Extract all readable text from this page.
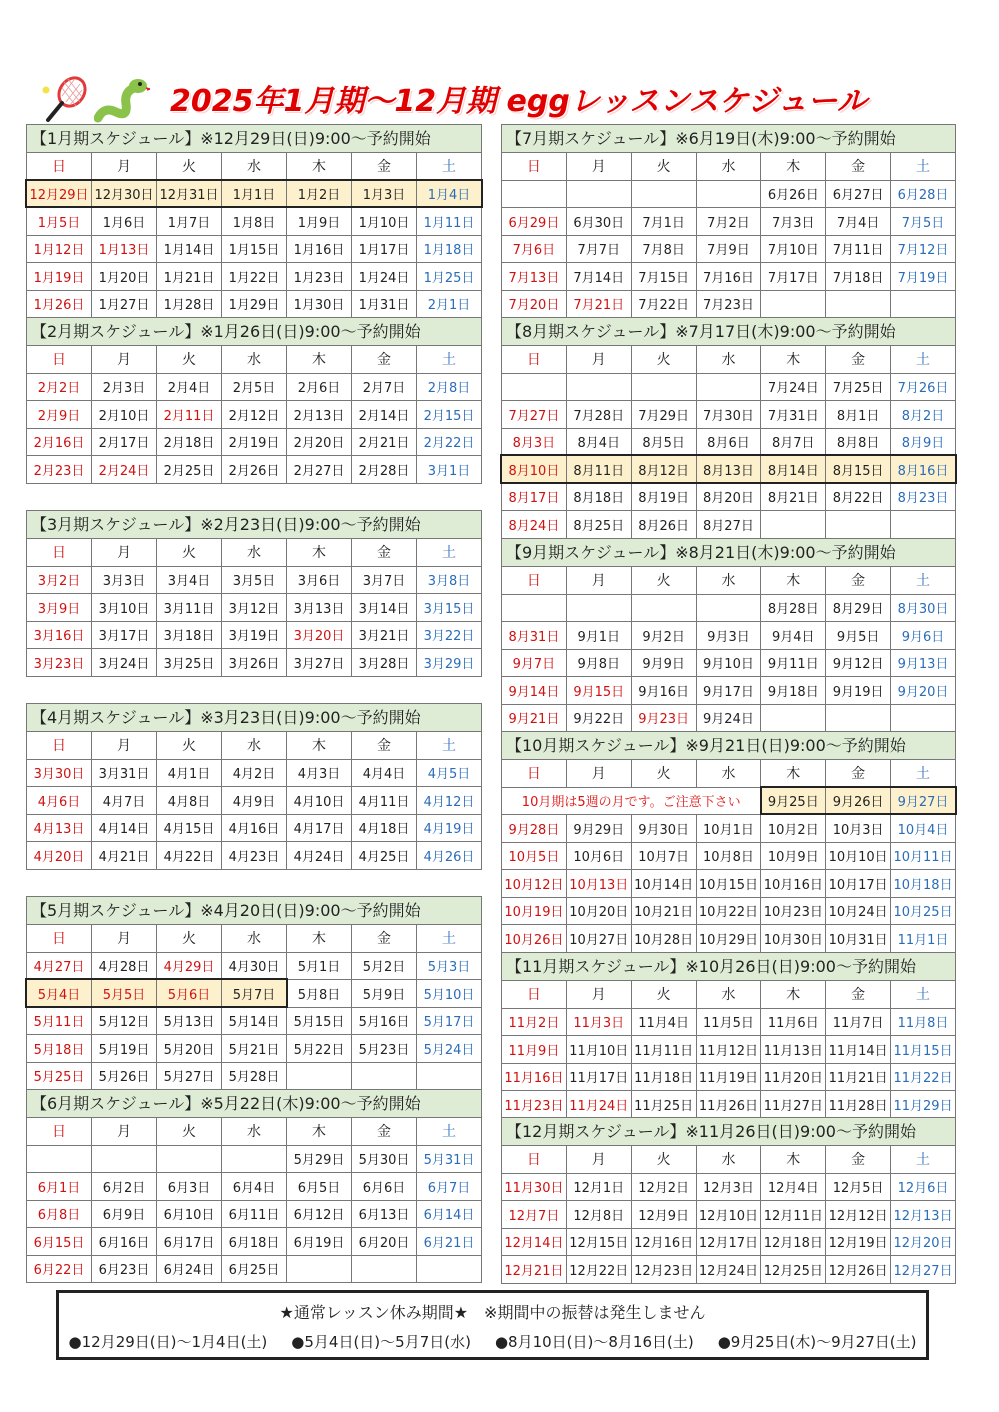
2025年1月期～12月期 eggレッスンスケジュール
【1月期スケジュール】※12月29日(日)9:00～予約開始
日	月	火	水	木	金	土
12月29日	12月30日	12月31日	1月1日	1月2日	1月3日	1月4日
1月5日	1月6日	1月7日	1月8日	1月9日	1月10日	1月11日
1月12日	1月13日	1月14日	1月15日	1月16日	1月17日	1月18日
1月19日	1月20日	1月21日	1月22日	1月23日	1月24日	1月25日
1月26日	1月27日	1月28日	1月29日	1月30日	1月31日	2月1日
【2月期スケジュール】※1月26日(日)9:00～予約開始
日	月	火	水	木	金	土
2月2日	2月3日	2月4日	2月5日	2月6日	2月7日	2月8日
2月9日	2月10日	2月11日	2月12日	2月13日	2月14日	2月15日
2月16日	2月17日	2月18日	2月19日	2月20日	2月21日	2月22日
2月23日	2月24日	2月25日	2月26日	2月27日	2月28日	3月1日
【3月期スケジュール】※2月23日(日)9:00～予約開始
日	月	火	水	木	金	土
3月2日	3月3日	3月4日	3月5日	3月6日	3月7日	3月8日
3月9日	3月10日	3月11日	3月12日	3月13日	3月14日	3月15日
3月16日	3月17日	3月18日	3月19日	3月20日	3月21日	3月22日
3月23日	3月24日	3月25日	3月26日	3月27日	3月28日	3月29日
【4月期スケジュール】※3月23日(日)9:00～予約開始
日	月	火	水	木	金	土
3月30日	3月31日	4月1日	4月2日	4月3日	4月4日	4月5日
4月6日	4月7日	4月8日	4月9日	4月10日	4月11日	4月12日
4月13日	4月14日	4月15日	4月16日	4月17日	4月18日	4月19日
4月20日	4月21日	4月22日	4月23日	4月24日	4月25日	4月26日
【5月期スケジュール】※4月20日(日)9:00～予約開始
日	月	火	水	木	金	土
4月27日	4月28日	4月29日	4月30日	5月1日	5月2日	5月3日
5月4日	5月5日	5月6日	5月7日	5月8日	5月9日	5月10日
5月11日	5月12日	5月13日	5月14日	5月15日	5月16日	5月17日
5月18日	5月19日	5月20日	5月21日	5月22日	5月23日	5月24日
5月25日	5月26日	5月27日	5月28日			
【6月期スケジュール】※5月22日(木)9:00～予約開始
日	月	火	水	木	金	土
				5月29日	5月30日	5月31日
6月1日	6月2日	6月3日	6月4日	6月5日	6月6日	6月7日
6月8日	6月9日	6月10日	6月11日	6月12日	6月13日	6月14日
6月15日	6月16日	6月17日	6月18日	6月19日	6月20日	6月21日
6月22日	6月23日	6月24日	6月25日			
【7月期スケジュール】※6月19日(木)9:00～予約開始
日	月	火	水	木	金	土
				6月26日	6月27日	6月28日
6月29日	6月30日	7月1日	7月2日	7月3日	7月4日	7月5日
7月6日	7月7日	7月8日	7月9日	7月10日	7月11日	7月12日
7月13日	7月14日	7月15日	7月16日	7月17日	7月18日	7月19日
7月20日	7月21日	7月22日	7月23日			
【8月期スケジュール】※7月17日(木)9:00～予約開始
日	月	火	水	木	金	土
				7月24日	7月25日	7月26日
7月27日	7月28日	7月29日	7月30日	7月31日	8月1日	8月2日
8月3日	8月4日	8月5日	8月6日	8月7日	8月8日	8月9日
8月10日	8月11日	8月12日	8月13日	8月14日	8月15日	8月16日
8月17日	8月18日	8月19日	8月20日	8月21日	8月22日	8月23日
8月24日	8月25日	8月26日	8月27日			
【9月期スケジュール】※8月21日(木)9:00～予約開始
日	月	火	水	木	金	土
				8月28日	8月29日	8月30日
8月31日	9月1日	9月2日	9月3日	9月4日	9月5日	9月6日
9月7日	9月8日	9月9日	9月10日	9月11日	9月12日	9月13日
9月14日	9月15日	9月16日	9月17日	9月18日	9月19日	9月20日
9月21日	9月22日	9月23日	9月24日			
【10月期スケジュール】※9月21日(日)9:00～予約開始
日	月	火	水	木	金	土
10月期は5週の月です。ご注意下さい				9月25日	9月26日	9月27日
9月28日	9月29日	9月30日	10月1日	10月2日	10月3日	10月4日
10月5日	10月6日	10月7日	10月8日	10月9日	10月10日	10月11日
10月12日	10月13日	10月14日	10月15日	10月16日	10月17日	10月18日
10月19日	10月20日	10月21日	10月22日	10月23日	10月24日	10月25日
10月26日	10月27日	10月28日	10月29日	10月30日	10月31日	11月1日
【11月期スケジュール】※10月26日(日)9:00～予約開始
日	月	火	水	木	金	土
11月2日	11月3日	11月4日	11月5日	11月6日	11月7日	11月8日
11月9日	11月10日	11月11日	11月12日	11月13日	11月14日	11月15日
11月16日	11月17日	11月18日	11月19日	11月20日	11月21日	11月22日
11月23日	11月24日	11月25日	11月26日	11月27日	11月28日	11月29日
【12月期スケジュール】※11月26日(日)9:00～予約開始
日	月	火	水	木	金	土
11月30日	12月1日	12月2日	12月3日	12月4日	12月5日	12月6日
12月7日	12月8日	12月9日	12月10日	12月11日	12月12日	12月13日
12月14日	12月15日	12月16日	12月17日	12月18日	12月19日	12月20日
12月21日	12月22日	12月23日	12月24日	12月25日	12月26日	12月27日
★通常レッスン休み期間★　※期間中の振替は発生しません
●12月29日(日)～1月4日(土) ●5月4日(日)～5月7日(水) ●8月10日(日)～8月16日(土) ●9月25日(木)～9月27日(土)
